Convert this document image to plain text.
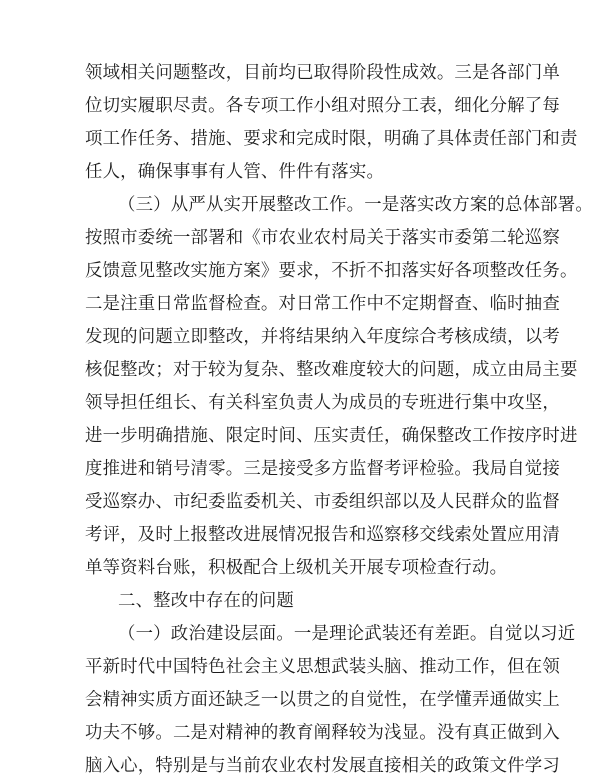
领域相关问题整改，目前均已取得阶段性成效。三是各部门单
位切实履职尽责。各专项工作小组对照分工表，细化分解了每
项工作任务、措施、要求和完成时限，明确了具体责任部门和责
任人，确保事事有人管、件件有落实。
（三）从严从实开展整改工作。一是落实改方案的总体部署。
按照市委统一部署和《市农业农村局关于落实市委第二轮巡察
反馈意见整改实施方案》要求，不折不扣落实好各项整改任务。
二是注重日常监督检查。对日常工作中不定期督查、临时抽查
发现的问题立即整改，并将结果纳入年度综合考核成绩，以考
核促整改；对于较为复杂、整改难度较大的问题，成立由局主要
领导担任组长、有关科室负责人为成员的专班进行集中攻坚，
进一步明确措施、限定时间、压实责任，确保整改工作按序时进
度推进和销号清零。三是接受多方监督考评检验。我局自觉接
受巡察办、市纪委监委机关、市委组织部以及人民群众的监督
考评，及时上报整改进展情况报告和巡察移交线索处置应用清
单等资料台账，积极配合上级机关开展专项检查行动。
二、整改中存在的问题
（一）政治建设层面。一是理论武装还有差距。自觉以习近
平新时代中国特色社会主义思想武装头脑、推动工作，但在领
会精神实质方面还缺乏一以贯之的自觉性，在学懂弄通做实上
功夫不够。二是对精神的教育阐释较为浅显。没有真正做到入
脑入心，特别是与当前农业农村发展直接相关的政策文件学习
